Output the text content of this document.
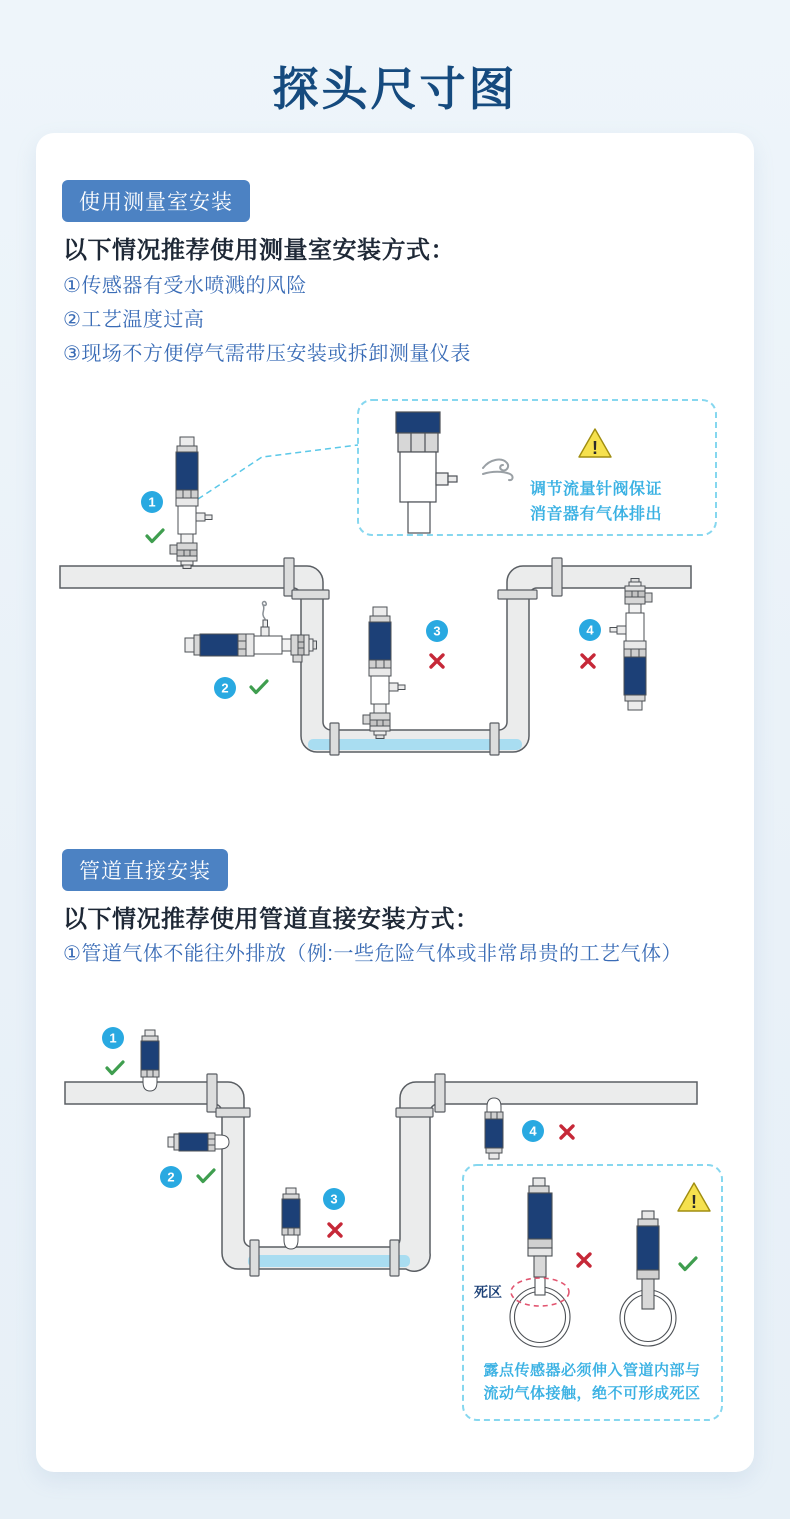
探头尺寸图
使用测量室安装
以下情况推荐使用测量室安装方式：
①传感器有受水喷溅的风险
②工艺温度过高
③现场不方便停气需带压安装或拆卸测量仪表
1
2
3	4
!
调节流量针阀保证
消音器有气体排出
管道直接安装
以下情况推荐使用管道直接安装方式：
①管道气体不能往外排放（例:一些危险气体或非常昂贵的工艺气体）
1
2
3
4
!
死区
露点传感器必须伸入管道内部与
流动气体接触，绝不可形成死区
